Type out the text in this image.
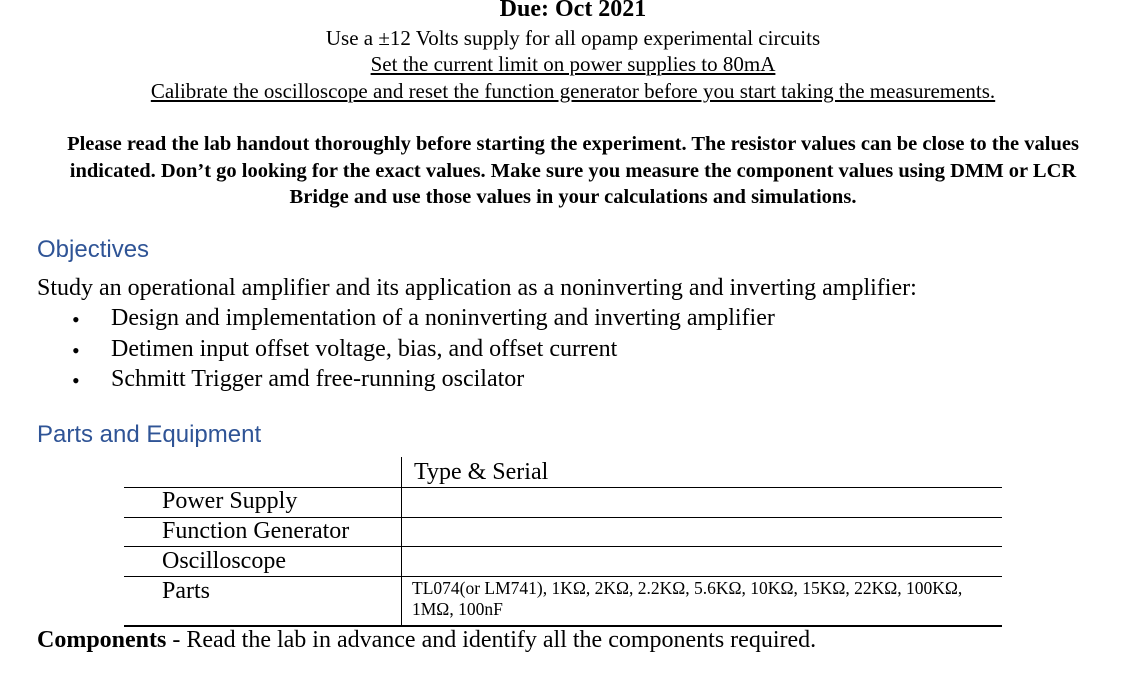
Due: Oct 2021
Use a ±12 Volts supply for all opamp experimental circuits
Set the current limit on power supplies to 80mA
Calibrate the oscilloscope and reset the function generator before you start taking the measurements.
Please read the lab handout thoroughly before starting the experiment. The resistor values can be close to the values indicated. Don’t go looking for the exact values. Make sure you measure the component values using DMM or LCR Bridge and use those values in your calculations and simulations.
Objectives
Study an operational amplifier and its application as a noninverting and inverting amplifier:
• Design and implementation of a noninverting and inverting amplifier
• Detimen input offset voltage, bias, and offset current
• Schmitt Trigger amd free-running oscilator
Parts and Equipment
Type & Serial
Power Supply
Function Generator
Oscilloscope
Parts	TL074(or LM741), 1KΩ, 2KΩ, 2.2KΩ, 5.6KΩ, 10KΩ, 15KΩ, 22KΩ, 100KΩ, 1MΩ, 100nF
Components - Read the lab in advance and identify all the components required.
